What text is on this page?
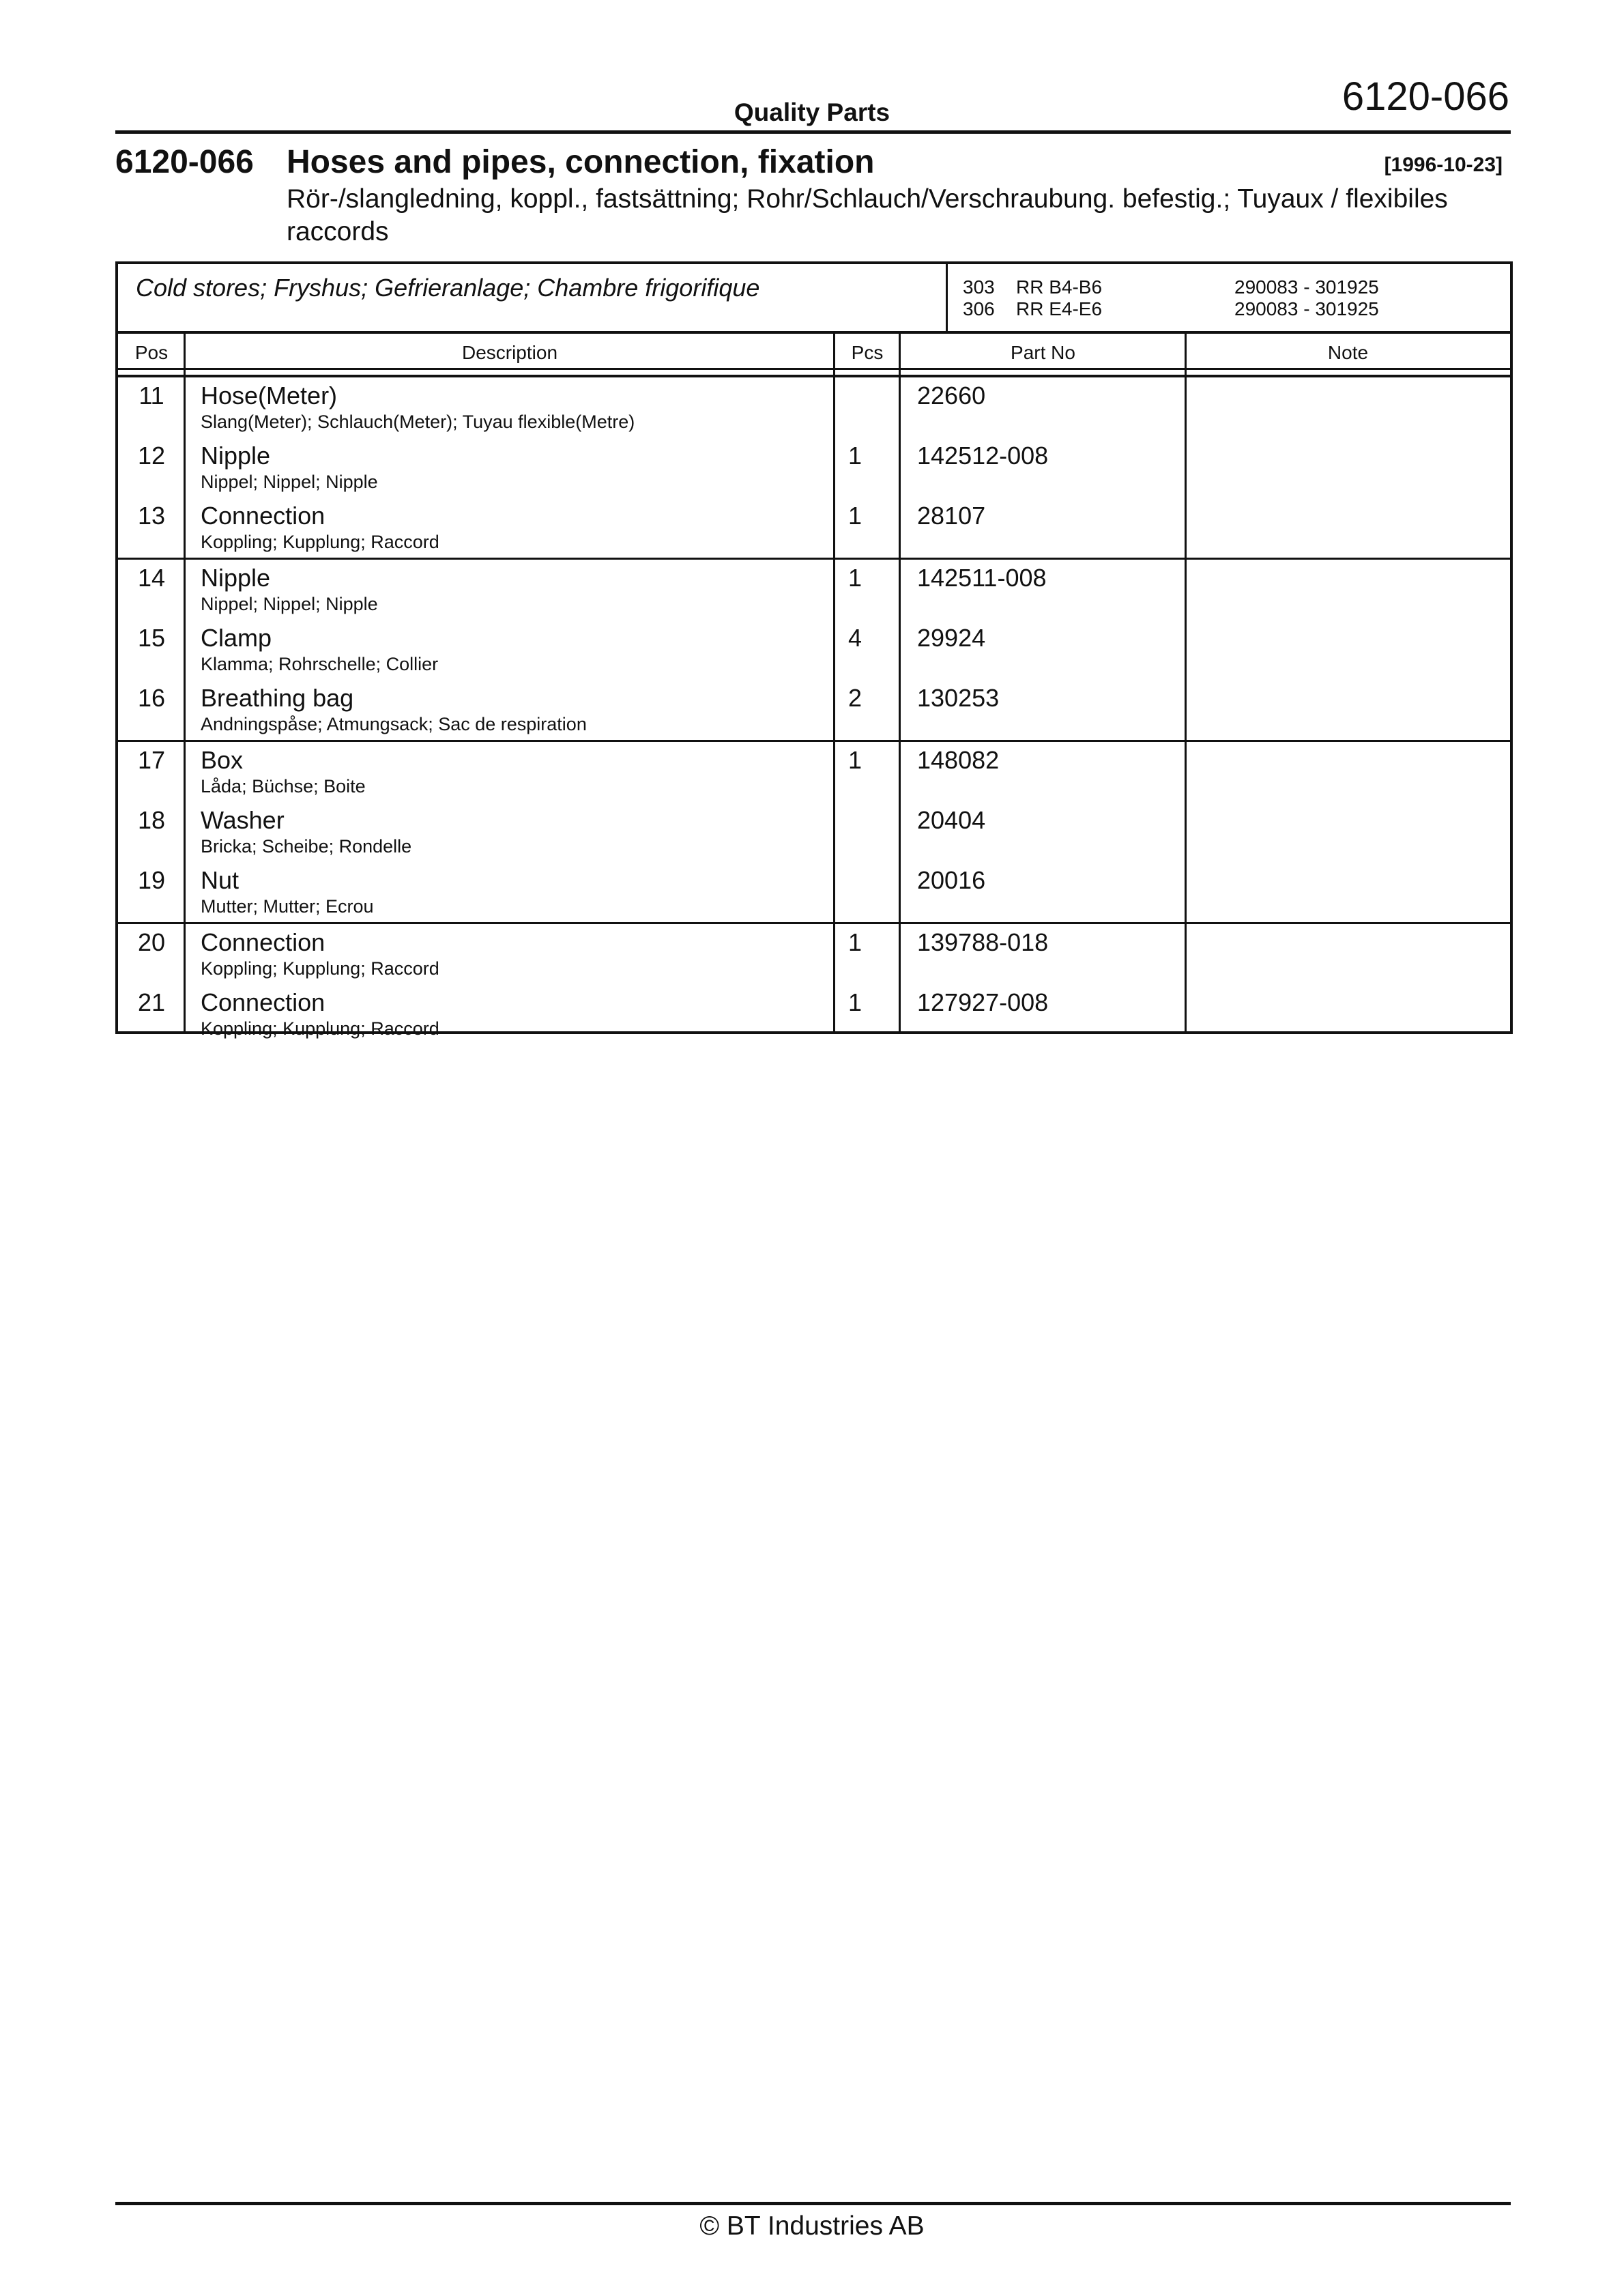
Quality Parts	6120-066
6120-066 Hoses and pipes, connection, fixation	[1996-10-23]
Rör-/slangledning, koppl., fastsättning; Rohr/Schlauch/Verschraubung. befestig.; Tuyaux / flexibiles raccords
Cold stores; Fryshus; Gefrieranlage; Chambre frigorifique	303 RR B4-B6	290083 - 301925
306 RR E4-E6	290083 - 301925
Pos	Description	Pcs	Part No	Note
11	Hose(Meter)
Slang(Meter); Schlauch(Meter); Tuyau flexible(Metre)
22660
12	Nipple
Nippel; Nippel; Nipple
1	142512-008
13	Connection
Koppling; Kupplung; Raccord
1	28107
14	Nipple
Nippel; Nippel; Nipple
1	142511-008
15	Clamp
Klamma; Rohrschelle; Collier
4	29924
16	Breathing bag
Andningspåse; Atmungsack; Sac de respiration
2	130253
17	Box
Låda; Büchse; Boite
1	148082
18	Washer
Bricka; Scheibe; Rondelle
20404
19	Nut
Mutter; Mutter; Ecrou
20016
20	Connection
Koppling; Kupplung; Raccord
1	139788-018
21	Connection
Koppling; Kupplung; Raccord
1	127927-008
© BT Industries AB
